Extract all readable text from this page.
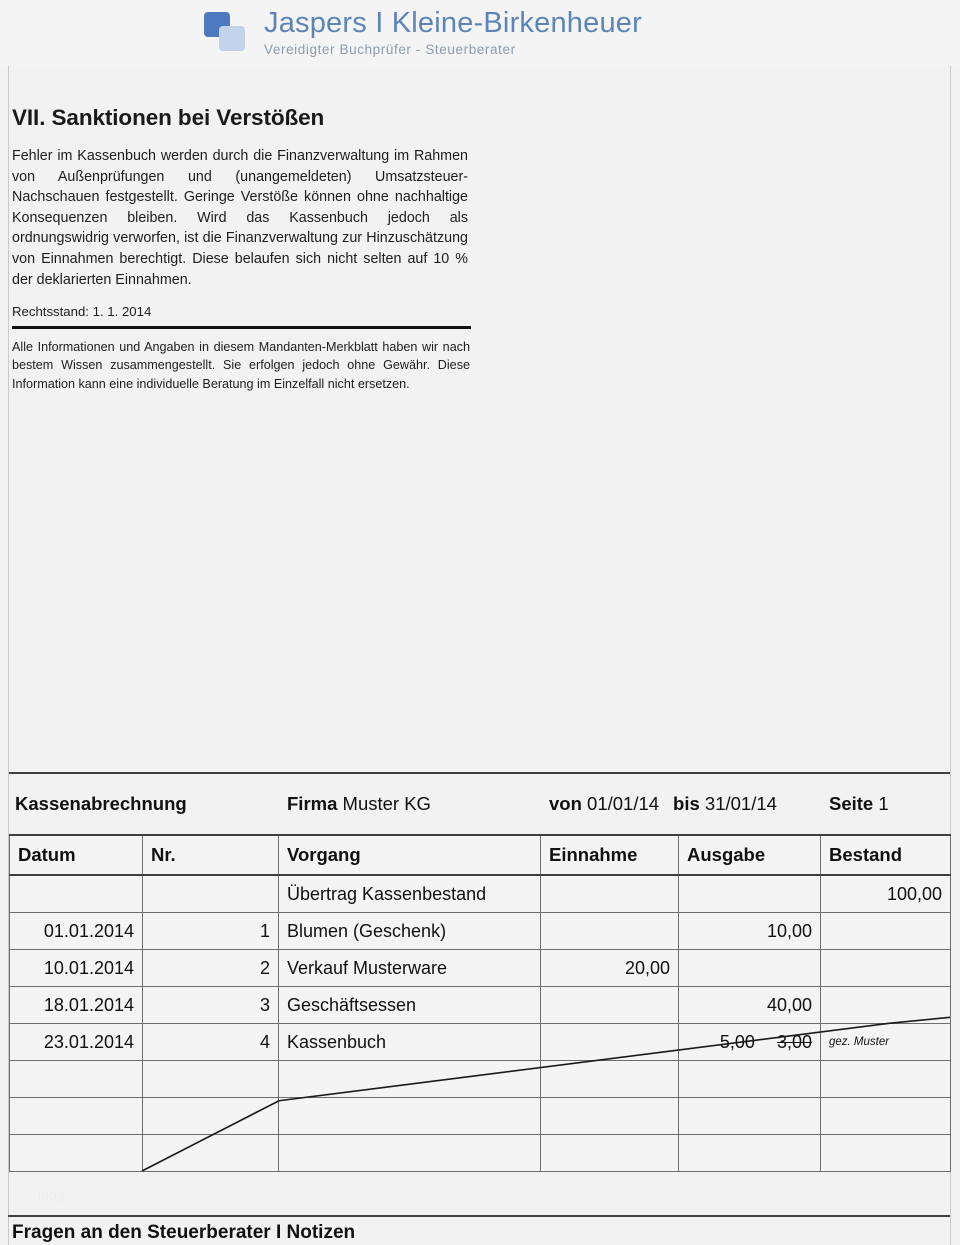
Jaspers I Kleine-Birkenheuer
Vereidigter Buchprüfer - Steuerberater
VII. Sanktionen bei Verstößen

Fehler im Kassenbuch werden durch die Finanzverwaltung im Rahmen von Außenprüfungen und (unangemeldeten) Umsatzsteuer-Nachschauen festgestellt. Geringe Verstöße können ohne nachhaltige Konsequenzen bleiben. Wird das Kassenbuch jedoch als ordnungswidrig verworfen, ist die Finanzverwaltung zur Hinzuschätzung von Einnahmen berechtigt. Diese belaufen sich nicht selten auf 10 % der deklarierten Einnahmen.

Rechtsstand: 1. 1. 2014

Alle Informationen und Angaben in diesem Mandanten-Merkblatt haben wir nach bestem Wissen zusammengestellt. Sie erfolgen jedoch ohne Gewähr. Diese Information kann eine individuelle Beratung im Einzelfall nicht ersetzen.

Kassenabrechnung	Firma Muster KG	von 01/01/14 bis 31/01/14	Seite 1
Datum	Nr.	Vorgang	Einnahme	Ausgabe	Bestand
		Übertrag Kassenbestand			100,00
01.01.2014	1	Blumen (Geschenk)		10,00	
10.01.2014	2	Verkauf Musterware	20,00		
18.01.2014	3	Geschäftsessen		40,00	
23.01.2014	4	Kassenbuch		5,00 3,00	gez. Muster

blog
Fragen an den Steuerberater I Notizen
